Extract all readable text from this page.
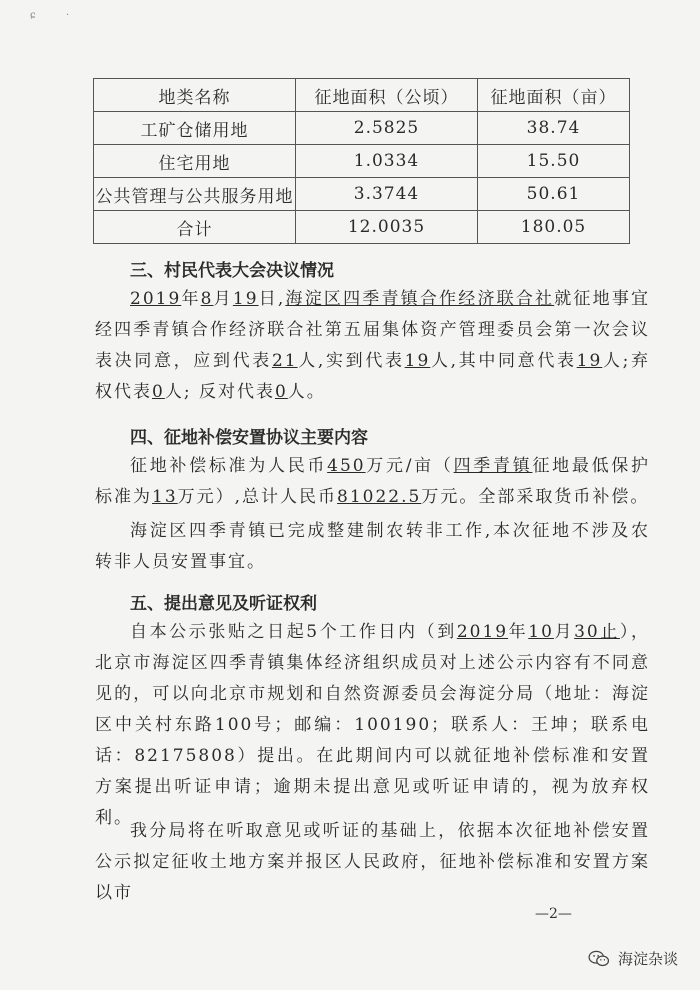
ɕ	·
地类名称	征地面积（公顷）	征地面积（亩）
工矿仓储用地	2.5825	38.74
住宅用地	1.0334	15.50
公共管理与公共服务用地	3.3744	50.61
合计	12.0035	180.05
三、村民代表大会决议情况

2019年8月19日,海淀区四季青镇合作经济联合社就征地事宜经四季青镇合作经济联合社第五届集体资产管理委员会第一次会议表决同意，应到代表21人,实到代表19人,其中同意代表19人;弃权代表0人; 反对代表0人。

四、征地补偿安置协议主要内容

征地补偿标准为人民币450万元/亩（四季青镇征地最低保护标准为13万元）,总计人民币81022.5万元。全部采取货币补偿。

海淀区四季青镇已完成整建制农转非工作,本次征地不涉及农转非人员安置事宜。

五、提出意见及听证权利

自本公示张贴之日起5个工作日内（到2019年10月30止），北京市海淀区四季青镇集体经济组织成员对上述公示内容有不同意见的，可以向北京市规划和自然资源委员会海淀分局（地址：海淀区中关村东路100号；邮编：100190；联系人：王坤；联系电话：82175808）提出。在此期间内可以就征地补偿标准和安置方案提出听证申请；逾期未提出意见或听证申请的，视为放弃权利。

我分局将在听取意见或听证的基础上，依据本次征地补偿安置公示拟定征收土地方案并报区人民政府，征地补偿标准和安置方案以市

—2—
海淀杂谈
